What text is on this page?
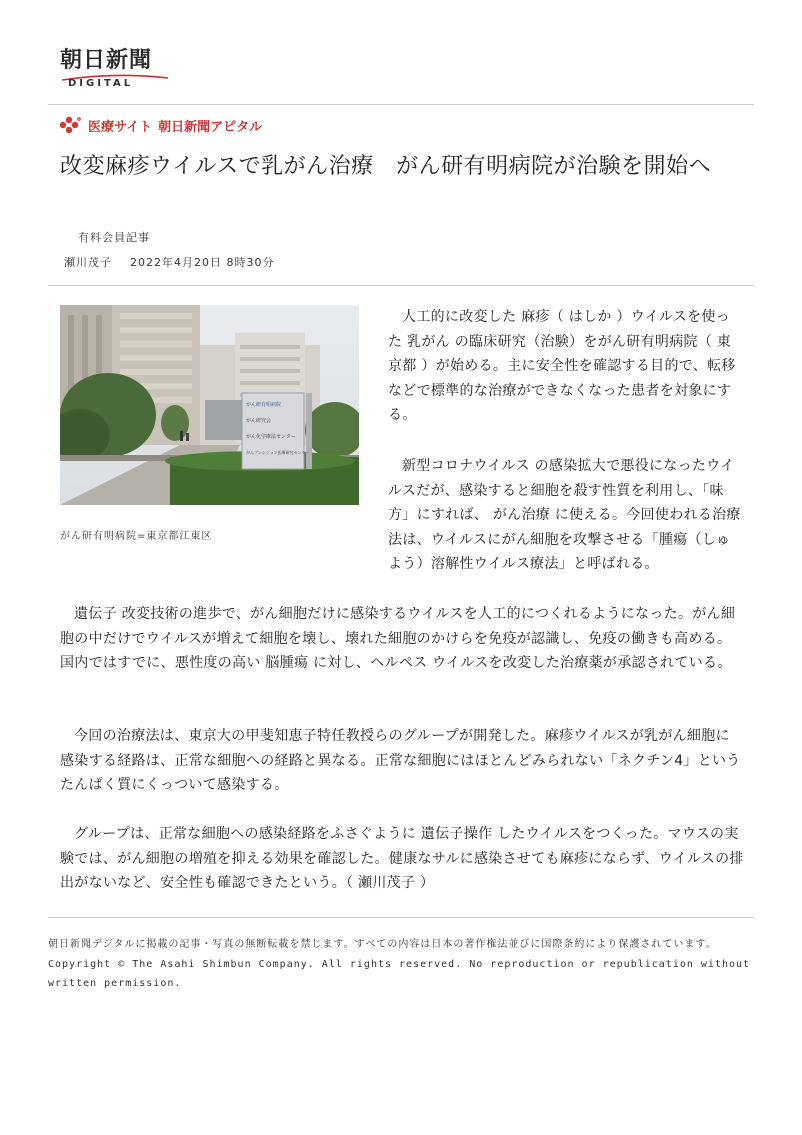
朝日新聞
DIGITAL
医療サイト 朝日新聞アピタル
改変麻疹ウイルスで乳がん治療　がん研有明病院が治験を開始へ
有料会員記事
瀬川茂子 2022年4月20日 8時30分
がん研有明病院
がん研究会
がん化学療法センター
がんプレシジョン医療研究センター
がん研有明病院=東京都江東区

人工的に改変した 麻疹（ はしか ）ウイルスを使った 乳がん の臨床研究（治験）をがん研有明病院（ 東京都 ）が始める。主に安全性を確認する目的で、転移 などで標準的な治療ができなくなった患者を対象にする。

新型コロナウイルス の感染拡大で悪役になったウイルスだが、感染すると細胞を殺す性質を利用し、「味方」にすれば、 がん治療 に使える。今回使われる治療法は、ウイルスにがん細胞を攻撃させる「腫瘍（しゅよう）溶解性ウイルス療法」と呼ばれる。

遺伝子 改変技術の進歩で、がん細胞だけに感染するウイルスを人工的につくれるようになった。がん細胞の中だけでウイルスが増えて細胞を壊し、壊れた細胞のかけらを免疫が認識し、免疫の働きも高める。国内ではすでに、悪性度の高い 脳腫瘍 に対し、ヘルペス ウイルスを改変した治療薬が承認されている。

今回の治療法は、東京大の甲斐知恵子特任教授らのグループが開発した。麻疹ウイルスが乳がん細胞に感染する経路は、正常な細胞への経路と異なる。正常な細胞にはほとんどみられない「ネクチン4」というたんぱく質にくっついて感染する。

グループは、正常な細胞への感染経路をふさぐように 遺伝子操作 したウイルスをつくった。マウスの実験では、がん細胞の増殖を抑える効果を確認した。健康なサルに感染させても麻疹にならず、ウイルスの排出がないなど、安全性も確認できたという。（ 瀬川茂子 ）

朝日新聞デジタルに掲載の記事・写真の無断転載を禁じます。すべての内容は日本の著作権法並びに国際条約により保護されています。
Copyright © The Asahi Shimbun Company. All rights reserved. No reproduction or republication without written permission.
